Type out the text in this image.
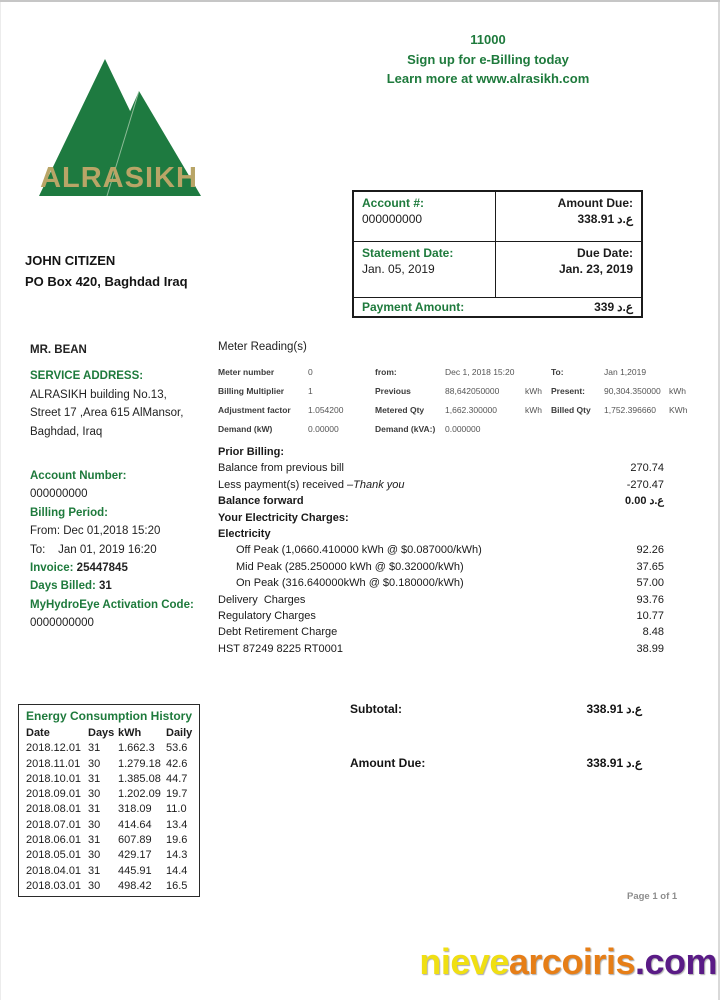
ALRASIKH
11000
Sign up for e-Billing today
Learn more at www.alrasikh.com
Account #:
000000000
Amount Due:
338.91 د.ع
Statement Date:
Jan. 05, 2019
Due Date:
Jan. 23, 2019
Payment Amount:	339 د.ع
JOHN CITIZEN
PO Box 420, Baghdad Iraq
MR. BEAN
SERVICE ADDRESS:
ALRASIKH building No.13,
Street 17 ,Area 615 AlMansor,
Baghdad, Iraq
Account Number:
000000000
Billing Period:
From: Dec 01,2018 15:20
To:    Jan 01, 2019 16:20
Invoice: 25447845
Days Billed: 31
MyHydroEye Activation Code:
0000000000
Meter Reading(s)
Meter number	0	from:	Dec 1, 2018 15:20	To:	Jan 1,2019
Billing Multiplier	1	Previous	88,642050000	kWh	Present:	90,304.350000 kWh
Adjustment factor	1.054200	Metered Qty	1,662.300000	kWh	Billed Qty	1,752.396660	KWh
Demand (kW)	0.00000	Demand (kVA:)	0.000000
Prior Billing:
Balance from previous bill	270.74
Less payment(s) received –Thank you	-270.47
Balance forward	0.00 د.ع
Your Electricity Charges:
Electricity
Off Peak (1,0660.410000 kWh @ $0.087000/kWh)	92.26
Mid Peak (285.250000 kWh @ $0.32000/kWh)	37.65
On Peak (316.640000kWh @ $0.180000/kWh)	57.00
Delivery  Charges	93.76
Regulatory Charges	10.77
Debt Retirement Charge	8.48
HST 87249 8225 RT0001	38.99
Energy Consumption History
Date	Days kWh	Daily
2018.12.01 31	1.662.3	53.6
2018.11.01 30	1.279.18 42.6
2018.10.01 31	1.385.08 44.7
2018.09.01 30	1.202.09 19.7
2018.08.01 31	318.09	11.0
2018.07.01 30	414.64	13.4
2018.06.01 31	607.89	19.6
2018.05.01 30	429.17	14.3
2018.04.01 31	445.91	14.4
2018.03.01 30	498.42	16.5
Subtotal:	338.91 د.ع
Amount Due:	338.91 د.ع
Page 1 of 1
nievearcoiris.com
